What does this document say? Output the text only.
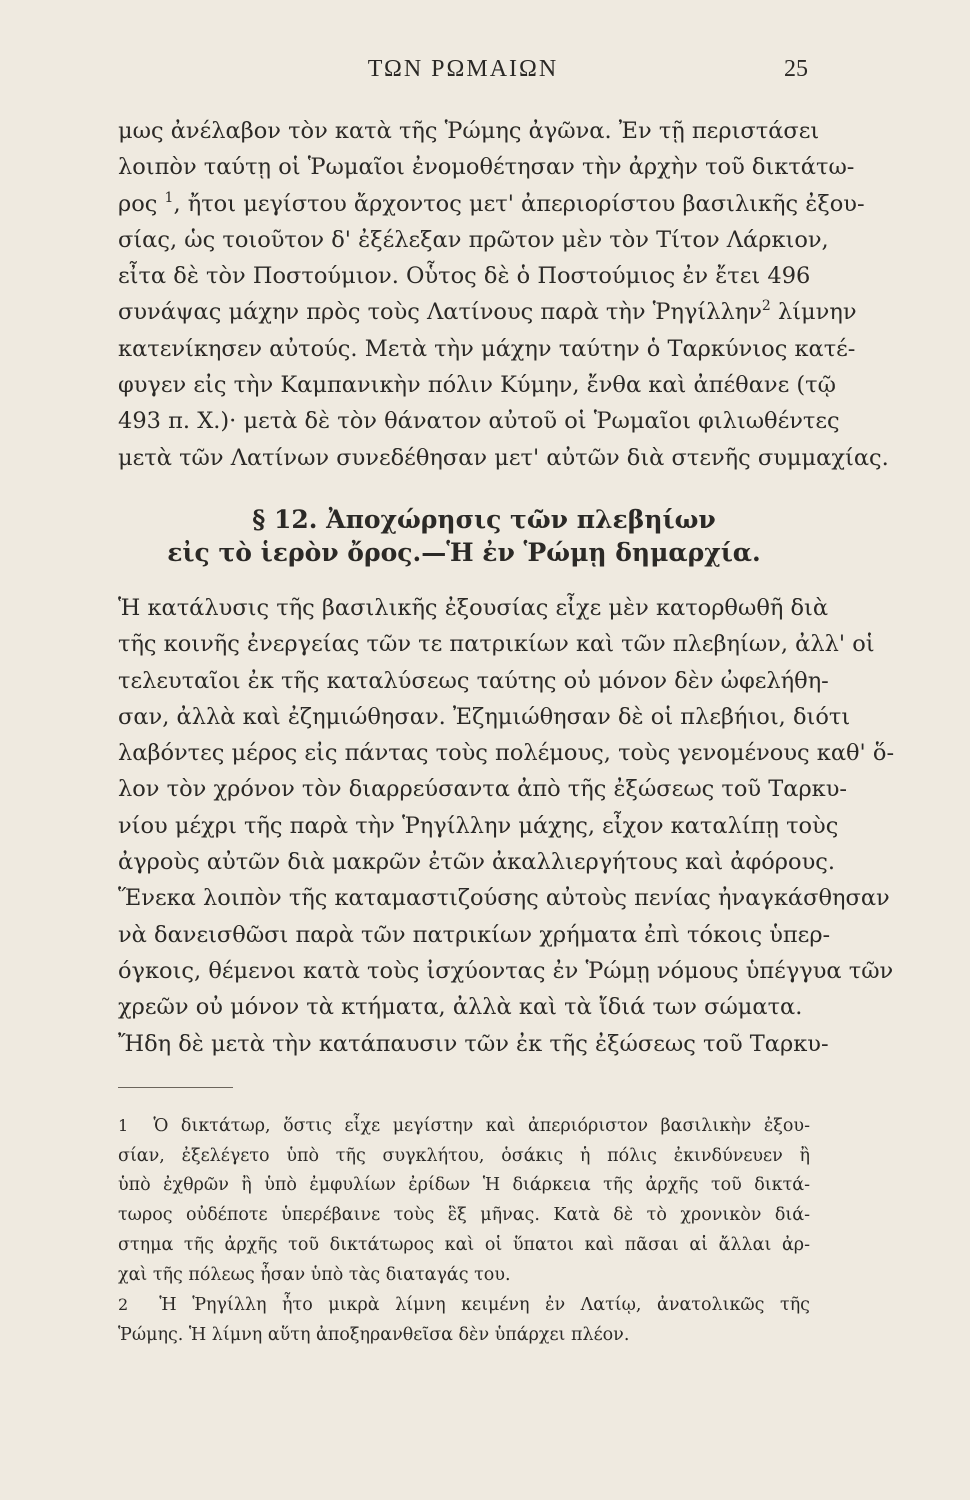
ΤΩΝ ΡΩΜΑΙΩΝ	25
μως ἀνέλαβον τὸν κατὰ τῆς Ῥώμης ἀγῶνα. Ἐν τῇ περιστάσει
λοιπὸν ταύτῃ οἱ Ῥωμαῖοι ἐνομοθέτησαν τὴν ἀρχὴν τοῦ δικτάτω-
ρος $^1$, ἤτοι μεγίστου ἄρχοντος μετ' ἀπεριορίστου βασιλικῆς ἐξου-
σίας, ὡς τοιοῦτον δ' ἐξέλεξαν πρῶτον μὲν τὸν Τίτον Λάρκιον,
εἶτα δὲ τὸν Ποστούμιον. Οὗτος δὲ ὁ Ποστούμιος ἐν ἔτει 496
συνάψας μάχην πρὸς τοὺς Λατίνους παρὰ τὴν Ῥηγίλλην$^2$ λίμνην
κατενίκησεν αὐτούς. Μετὰ τὴν μάχην ταύτην ὁ Ταρκύνιος κατέ-
φυγεν εἰς τὴν Καμπανικὴν πόλιν Κύμην, ἔνθα καὶ ἀπέθανε (τῷ
493 π. Χ.)· μετὰ δὲ τὸν θάνατον αὐτοῦ οἱ Ῥωμαῖοι φιλιωθέντες
μετὰ τῶν Λατίνων συνεδέθησαν μετ' αὐτῶν διὰ στενῆς συμμαχίας.
§ 12. Ἀποχώρησις τῶν πλεβηίων
εἰς τὸ ἱερὸν ὄρος.—Ἡ ἐν Ῥώμῃ δημαρχία.
Ἡ κατάλυσις τῆς βασιλικῆς ἐξουσίας εἶχε μὲν κατορθωθῆ διὰ
τῆς κοινῆς ἐνεργείας τῶν τε πατρικίων καὶ τῶν πλεβηίων, ἀλλ' οἱ
τελευταῖοι ἐκ τῆς καταλύσεως ταύτης οὐ μόνον δὲν ὠφελήθη-
σαν, ἀλλὰ καὶ ἐζημιώθησαν. Ἐζημιώθησαν δὲ οἱ πλεβήιοι, διότι
λαβόντες μέρος εἰς πάντας τοὺς πολέμους, τοὺς γενομένους καθ' ὅ-
λον τὸν χρόνον τὸν διαρρεύσαντα ἀπὸ τῆς ἐξώσεως τοῦ Ταρκυ-
νίου μέχρι τῆς παρὰ τὴν Ῥηγίλλην μάχης, εἶχον καταλίπῃ τοὺς
ἀγροὺς αὐτῶν διὰ μακρῶν ἐτῶν ἀκαλλιεργήτους καὶ ἀφόρους.
Ἕνεκα λοιπὸν τῆς καταμαστιζούσης αὐτοὺς πενίας ἠναγκάσθησαν
νὰ δανεισθῶσι παρὰ τῶν πατρικίων χρήματα ἐπὶ τόκοις ὑπερ-
όγκοις, θέμενοι κατὰ τοὺς ἰσχύοντας ἐν Ῥώμῃ νόμους ὑπέγγυα τῶν
χρεῶν οὐ μόνον τὰ κτήματα, ἀλλὰ καὶ τὰ ἴδιά των σώματα.
Ἤδη δὲ μετὰ τὴν κατάπαυσιν τῶν ἐκ τῆς ἐξώσεως τοῦ Ταρκυ-
1 Ὁ δικτάτωρ, ὅστις εἶχε μεγίστην καὶ ἀπεριόριστον βασιλικὴν ἐξου-
σίαν, ἐξελέγετο ὑπὸ τῆς συγκλήτου, ὁσάκις ἡ πόλις ἐκινδύνευεν ἢ
ὑπὸ ἐχθρῶν ἢ ὑπὸ ἐμφυλίων ἐρίδων Ἡ διάρκεια τῆς ἀρχῆς τοῦ δικτά-
τωρος οὐδέποτε ὑπερέβαινε τοὺς ἓξ μῆνας. Κατὰ δὲ τὸ χρονικὸν διά-
στημα τῆς ἀρχῆς τοῦ δικτάτωρος καὶ οἱ ὕπατοι καὶ πᾶσαι αἱ ἄλλαι ἀρ-
χαὶ τῆς πόλεως ἦσαν ὑπὸ τὰς διαταγάς του.
2 Ἡ Ῥηγίλλη ἦτο μικρὰ λίμνη κειμένη ἐν Λατίῳ, ἀνατολικῶς τῆς
Ῥώμης. Ἡ λίμνη αὕτη ἀποξηρανθεῖσα δὲν ὑπάρχει πλέον.
